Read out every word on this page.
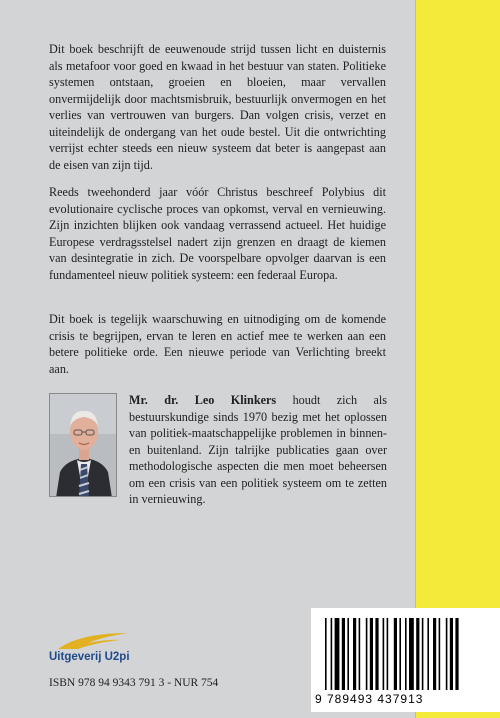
Dit boek beschrijft de eeuwenoude strijd tussen licht en duisternis als metafoor voor goed en kwaad in het bestuur van staten. Politieke systemen ontstaan, groeien en bloeien, maar vervallen onvermijdelijk door machtsmisbruik, bestuurlijk onvermogen en het verlies van vertrouwen van burgers. Dan volgen crisis, verzet en uiteindelijk de ondergang van het oude bestel. Uit die ontwrichting verrijst echter steeds een nieuw systeem dat beter is aangepast aan de eisen van zijn tijd.

Reeds tweehonderd jaar vóór Christus beschreef Polybius dit evolutionaire cyclische proces van opkomst, verval en vernieuwing. Zijn inzichten blijken ook vandaag verrassend actueel. Het huidige Europese verdragsstelsel nadert zijn grenzen en draagt de kiemen van desintegratie in zich. De voorspelbare opvolger daarvan is een fundamenteel nieuw politiek systeem: een federaal Europa.

Dit boek is tegelijk waarschuwing en uitnodiging om de komende crisis te begrijpen, ervan te leren en actief mee te werken aan een betere politieke orde. Een nieuwe periode van Verlichting breekt aan.

Mr. dr. Leo Klinkers houdt zich als bestuurskundige sinds 1970 bezig met het oplossen van politiek-maatschappelijke problemen in binnen- en buitenland. Zijn talrijke publicaties gaan over methodologische aspecten die men moet beheersen om een crisis van een politiek systeem om te zetten in vernieuwing.

Uitgeverij U2pi
ISBN 978 94 9343 791 3 - NUR 754
9 789493 437913
